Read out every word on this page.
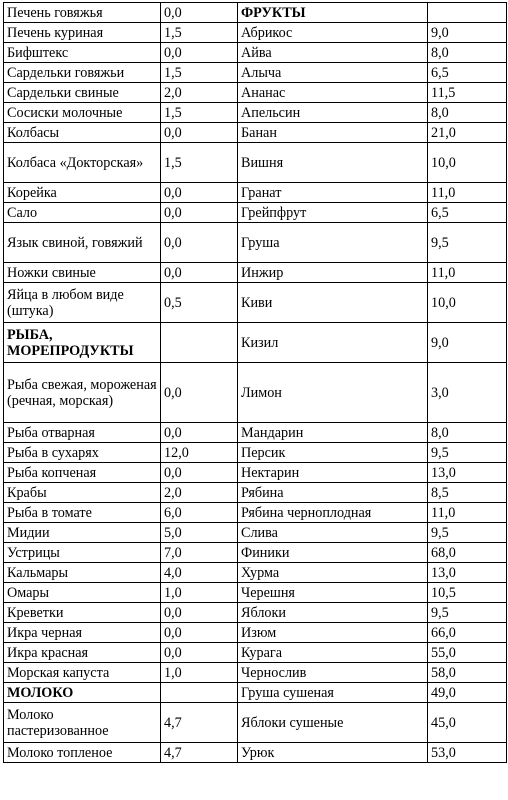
Печень говяжья	0,0	ФРУКТЫ	
Печень куриная	1,5	Абрикос	9,0
Бифштекс	0,0	Айва	8,0
Сардельки говяжьи	1,5	Алыча	6,5
Сардельки свиные	2,0	Ананас	11,5
Сосиски молочные	1,5	Апельсин	8,0
Колбасы	0,0	Банан	21,0
Колбаса «Докторская»	1,5	Вишня	10,0
Корейка	0,0	Гранат	11,0
Сало	0,0	Грейпфрут	6,5
Язык свиной, говяжий	0,0	Груша	9,5
Ножки свиные	0,0	Инжир	11,0
Яйца в любом виде (штука)	0,5	Киви	10,0
РЫБА, МОРЕПРОДУКТЫ		Кизил	9,0
Рыба свежая, мороженая (речная, морская)	0,0	Лимон	3,0
Рыба отварная	0,0	Мандарин	8,0
Рыба в сухарях	12,0	Персик	9,5
Рыба копченая	0,0	Нектарин	13,0
Крабы	2,0	Рябина	8,5
Рыба в томате	6,0	Рябина черноплодная	11,0
Мидии	5,0	Слива	9,5
Устрицы	7,0	Финики	68,0
Кальмары	4,0	Хурма	13,0
Омары	1,0	Черешня	10,5
Креветки	0,0	Яблоки	9,5
Икра черная	0,0	Изюм	66,0
Икра красная	0,0	Курага	55,0
Морская капуста	1,0	Чернослив	58,0
МОЛОКО		Груша сушеная	49,0
Молоко пастеризованное	4,7	Яблоки сушеные	45,0
Молоко топленое	4,7	Урюк	53,0
